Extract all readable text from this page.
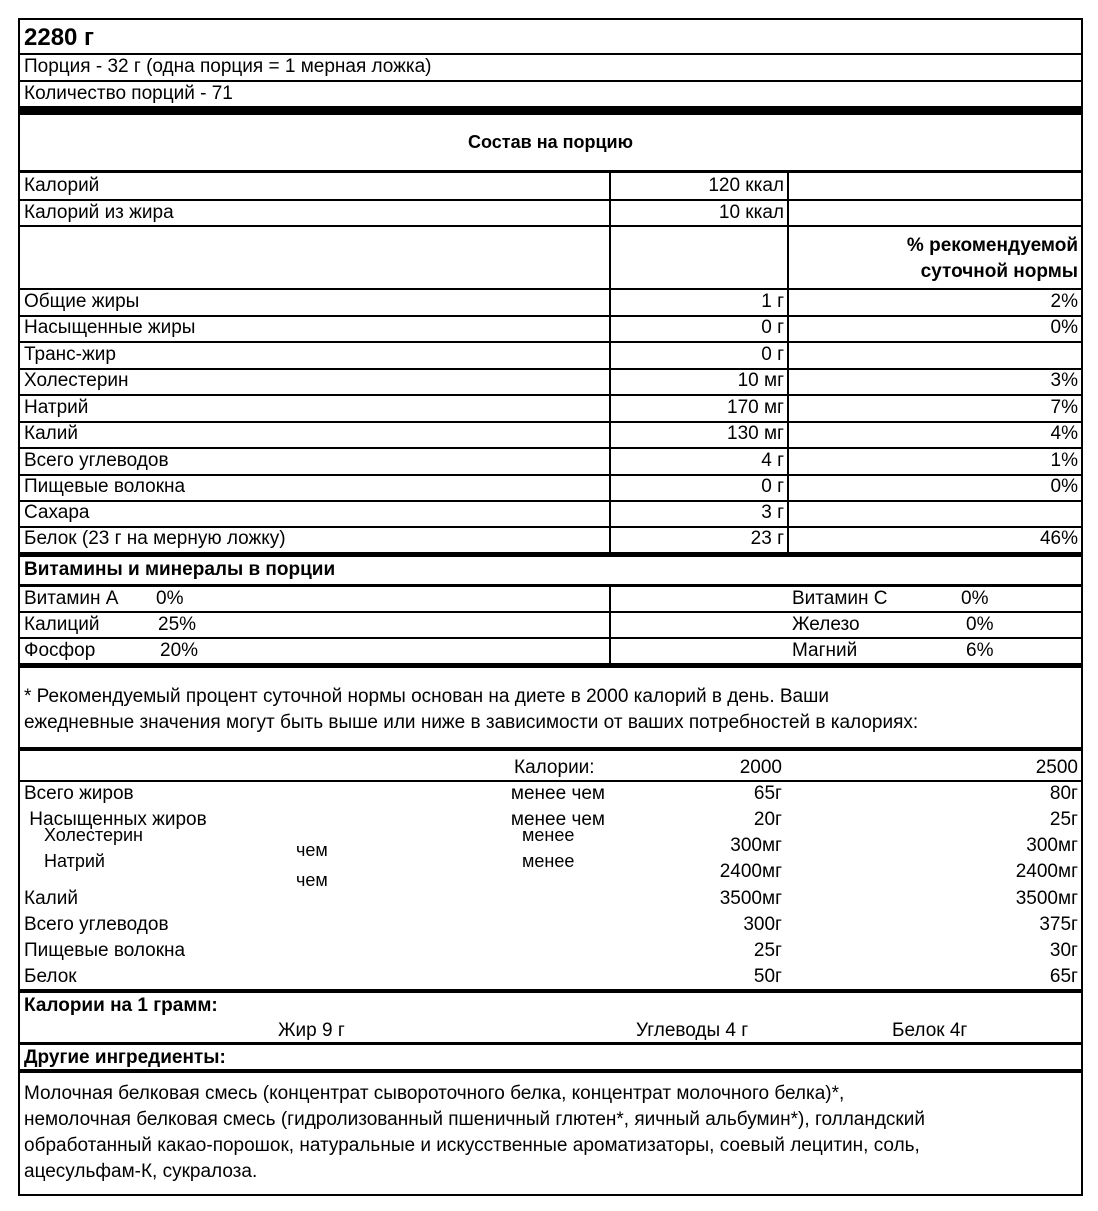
2280 г
Порция - 32 г (одна порция = 1 мерная ложка)
Количество порций - 71
Состав на порцию
Калорий	120 ккал
Калорий из жира	10 ккал
% рекомендуемой
суточной нормы
Общие жиры	1 г	2%
Насыщенные жиры	0 г	0%
Транс-жир	0 г
Холестерин	10 мг	3%
Натрий	170 мг	7%
Калий	130 мг	4%
Всего углеводов	4 г	1%
Пищевые волокна	0 г	0%
Сахара	3 г
Белок (23 г на мерную ложку)	23 г	46%
Витамины и минералы в порции
Витамин А 0%	Витамин С	0%
Калиций	25%	Железо	0%
Фосфор	20%	Магний	6%
* Рекомендуемый процент суточной нормы основан на диете в 2000 калорий в день. Ваши
ежедневные значения могут быть выше или ниже в зависимости от ваших потребностей в калориях:
Калории:	2000	2500
Всего жиров	менее чем	65г	80г
Насыщенных жиров	менее чем	20г	25г
Холестерин	менее	300мг	300мг
Натрий	менее
чем
2400мг	2400мг
чем
Калий	3500мг	3500мг
Всего углеводов	300г	375г
Пищевые волокна	25г	30г
Белок	50г	65г
Калории на 1 грамм:
Жир 9 г	Углеводы 4 г	Белок 4г
Другие ингредиенты:
Молочная белковая смесь (концентрат сывороточного белка, концентрат молочного белка)*,
немолочная белковая смесь (гидролизованный пшеничный глютен*, яичный альбумин*), голландский
обработанный какао-порошок, натуральные и искусственные ароматизаторы, соевый лецитин, соль,
ацесульфам-К, сукралоза.
